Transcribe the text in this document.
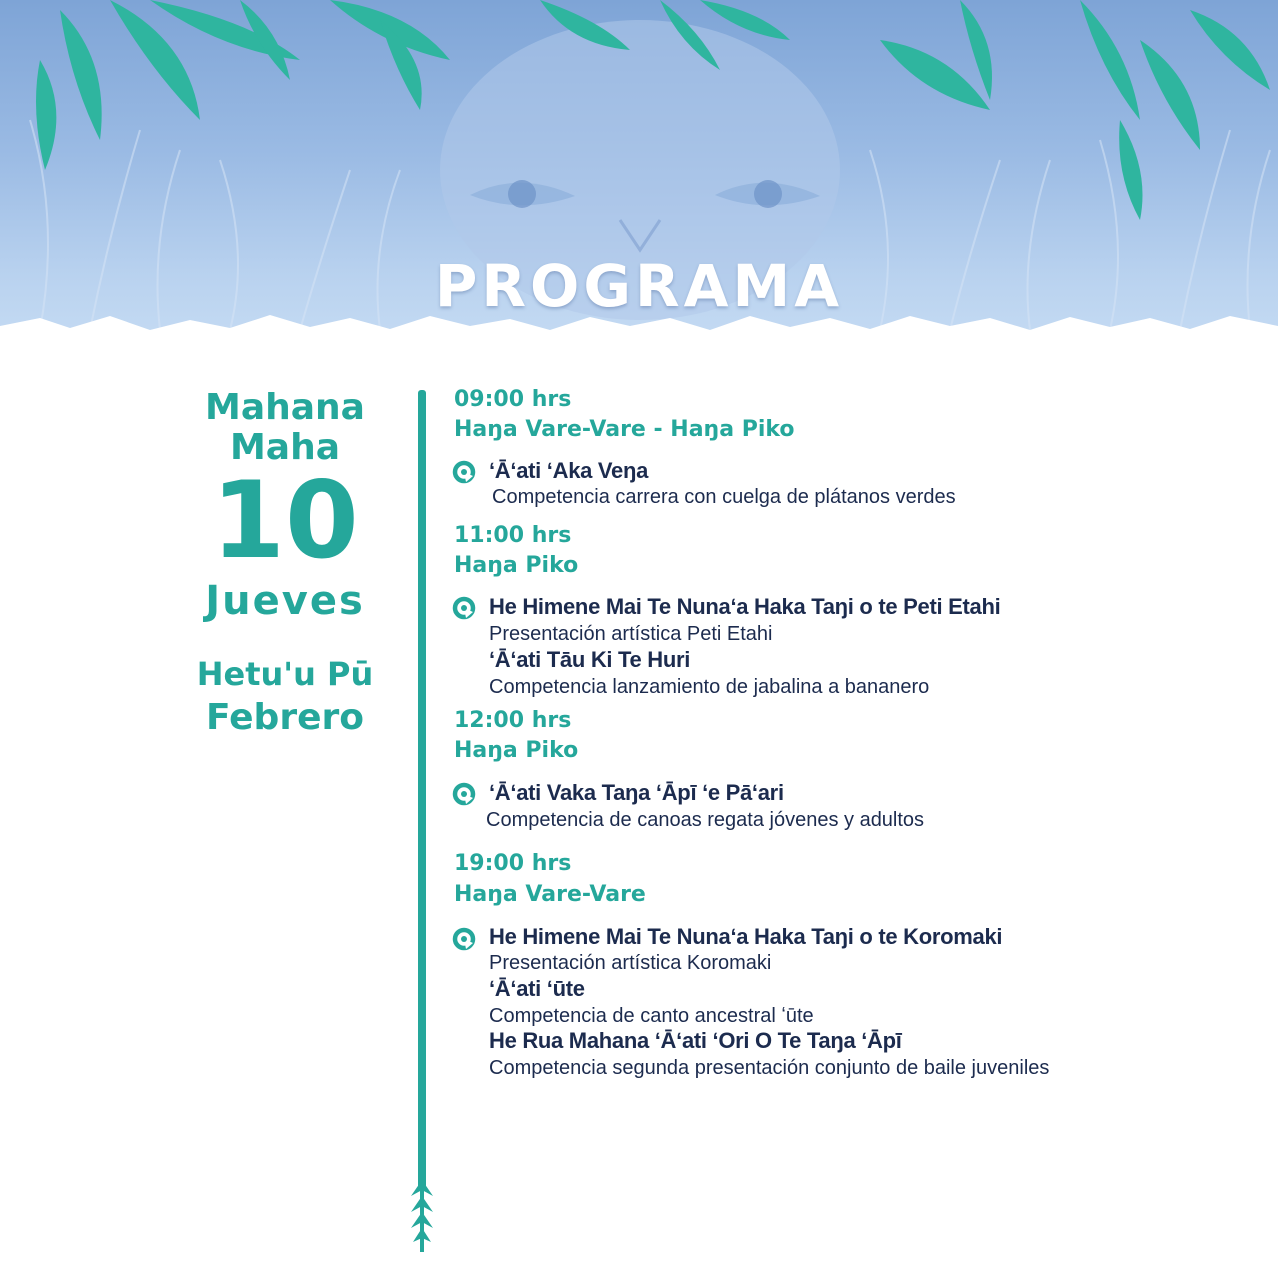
PROGRAMA
Mahana
Maha
10
Jueves
Hetu'u Pū
Febrero
09:00 hrs
Haŋa Vare-Vare - Haŋa Piko
ʻĀʻati ʻAka Veŋa
Competencia carrera con cuelga de plátanos verdes
11:00 hrs
Haŋa Piko
He Himene Mai Te Nunaʻa Haka Taŋi o te Peti Etahi
Presentación artística Peti Etahi
ʻĀʻati Tāu Ki Te Huri
Competencia lanzamiento de jabalina a bananero
12:00 hrs
Haŋa Piko
ʻĀʻati Vaka Taŋa ʻĀpī ʻe Pāʻari
Competencia de canoas regata jóvenes y adultos
19:00 hrs
Haŋa Vare-Vare
He Himene Mai Te Nunaʻa Haka Taŋi o te Koromaki
Presentación artística Koromaki
ʻĀʻati ʻūte
Competencia de canto ancestral ʻūte
He Rua Mahana ʻĀʻati ʻOri O Te Taŋa ʻĀpī
Competencia segunda presentación conjunto de baile juveniles
